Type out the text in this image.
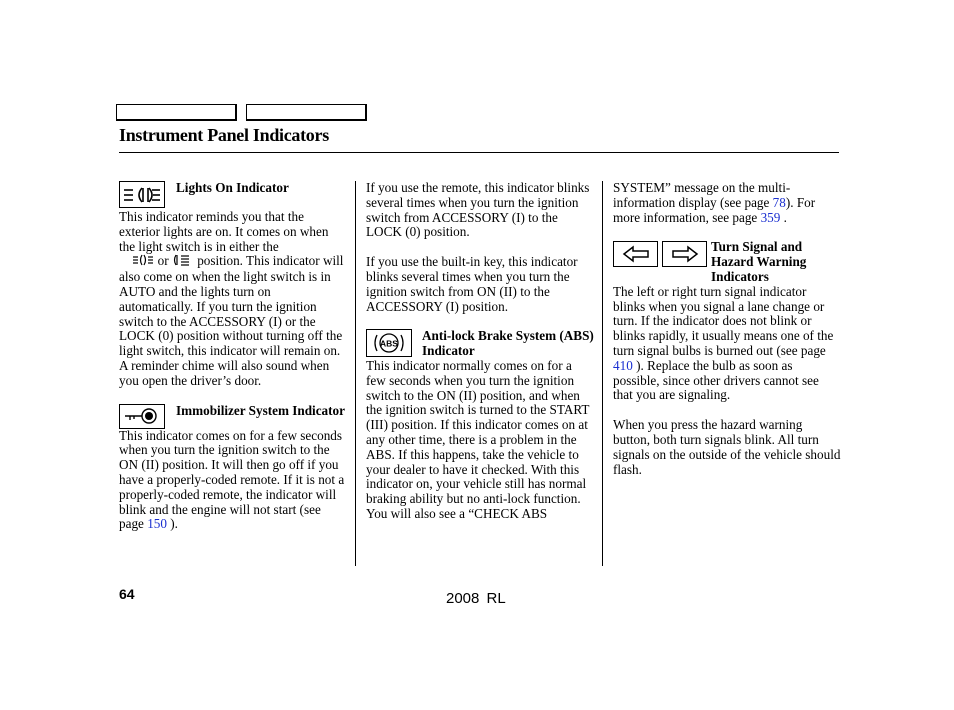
Instrument Panel Indicators
Lights On Indicator
This indicator reminds you that the exterior lights are on. It comes on when the light switch is in either the
or position. This indicator will also come on when the light switch is in AUTO and the lights turn on automatically. If you turn the ignition switch to the ACCESSORY (I) or the LOCK (0) position without turning off the light switch, this indicator will remain on. A reminder chime will also sound when you open the driver’s door.
Immobilizer System Indicator
This indicator comes on for a few seconds when you turn the ignition switch to the ON (II) position. It will then go off if you have a properly-coded remote. If it is not a properly-coded remote, the indicator will blink and the engine will not start (see page 150 ).
If you use the remote, this indicator blinks several times when you turn the ignition switch from ACCESSORY (I) to the LOCK (0) position.
If you use the built-in key, this indicator blinks several times when you turn the ignition switch from ON (II) to the ACCESSORY (I) position.
ABS
Anti-lock Brake System (ABS) Indicator
This indicator normally comes on for a few seconds when you turn the ignition switch to the ON (II) position, and when the ignition switch is turned to the START (III) position. If this indicator comes on at any other time, there is a problem in the ABS. If this happens, take the vehicle to your dealer to have it checked. With this indicator on, your vehicle still has normal braking ability but no anti-lock function. You will also see a “CHECK ABS
SYSTEM” message on the multi-information display (see page 78). For more information, see page 359 .
Turn Signal and Hazard Warning Indicators
The left or right turn signal indicator blinks when you signal a lane change or turn. If the indicator does not blink or blinks rapidly, it usually means one of the turn signal bulbs is burned out (see page 410 ). Replace the bulb as soon as possible, since other drivers cannot see that you are signaling.
When you press the hazard warning button, both turn signals blink. All turn signals on the outside of the vehicle should flash.
64	2008 RL
